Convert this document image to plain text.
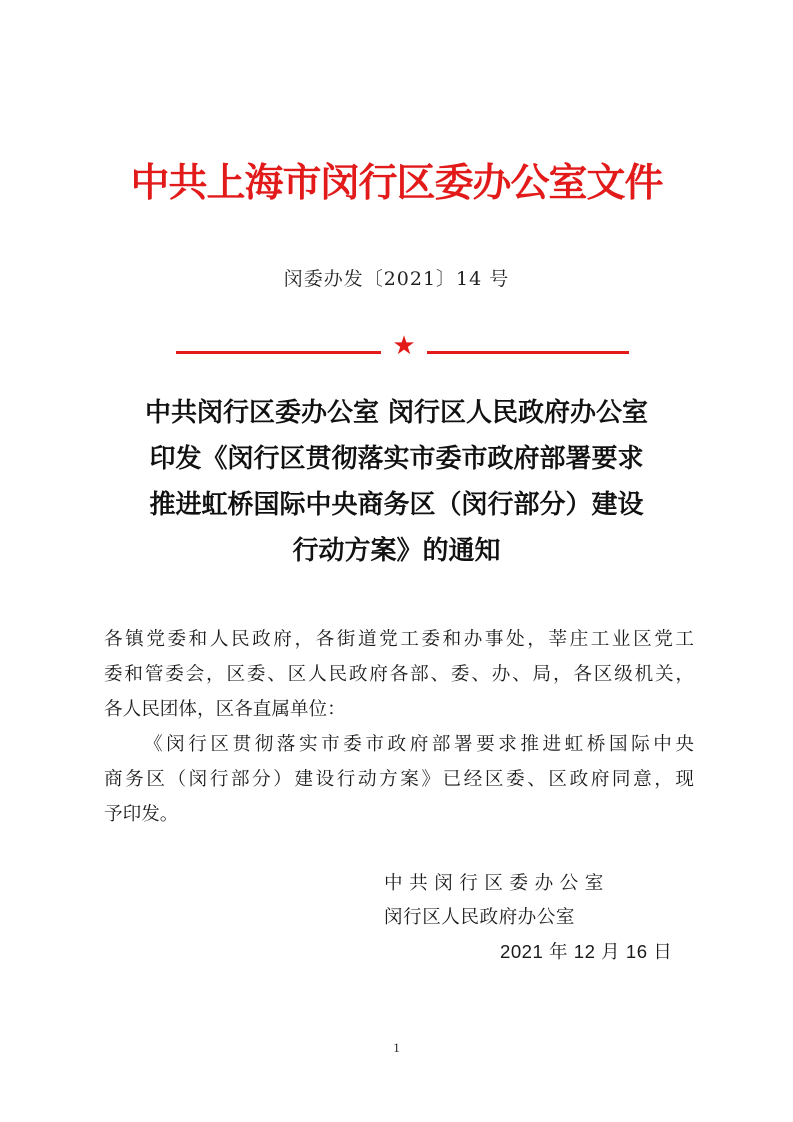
中共上海市闵行区委办公室文件
闵委办发〔2021〕14 号
★
中共闵行区委办公室 闵行区人民政府办公室
印发《闵行区贯彻落实市委市政府部署要求
推进虹桥国际中央商务区（闵行部分）建设
行动方案》的通知
各镇党委和人民政府，各街道党工委和办事处，莘庄工业区党工
委和管委会，区委、区人民政府各部、委、办、局，各区级机关，
各人民团体，区各直属单位：
《闵行区贯彻落实市委市政府部署要求推进虹桥国际中央
商务区（闵行部分）建设行动方案》已经区委、区政府同意，现
予印发。
中共闵行区委办公室
闵行区人民政府办公室
2021 年 12 月 16 日
1
